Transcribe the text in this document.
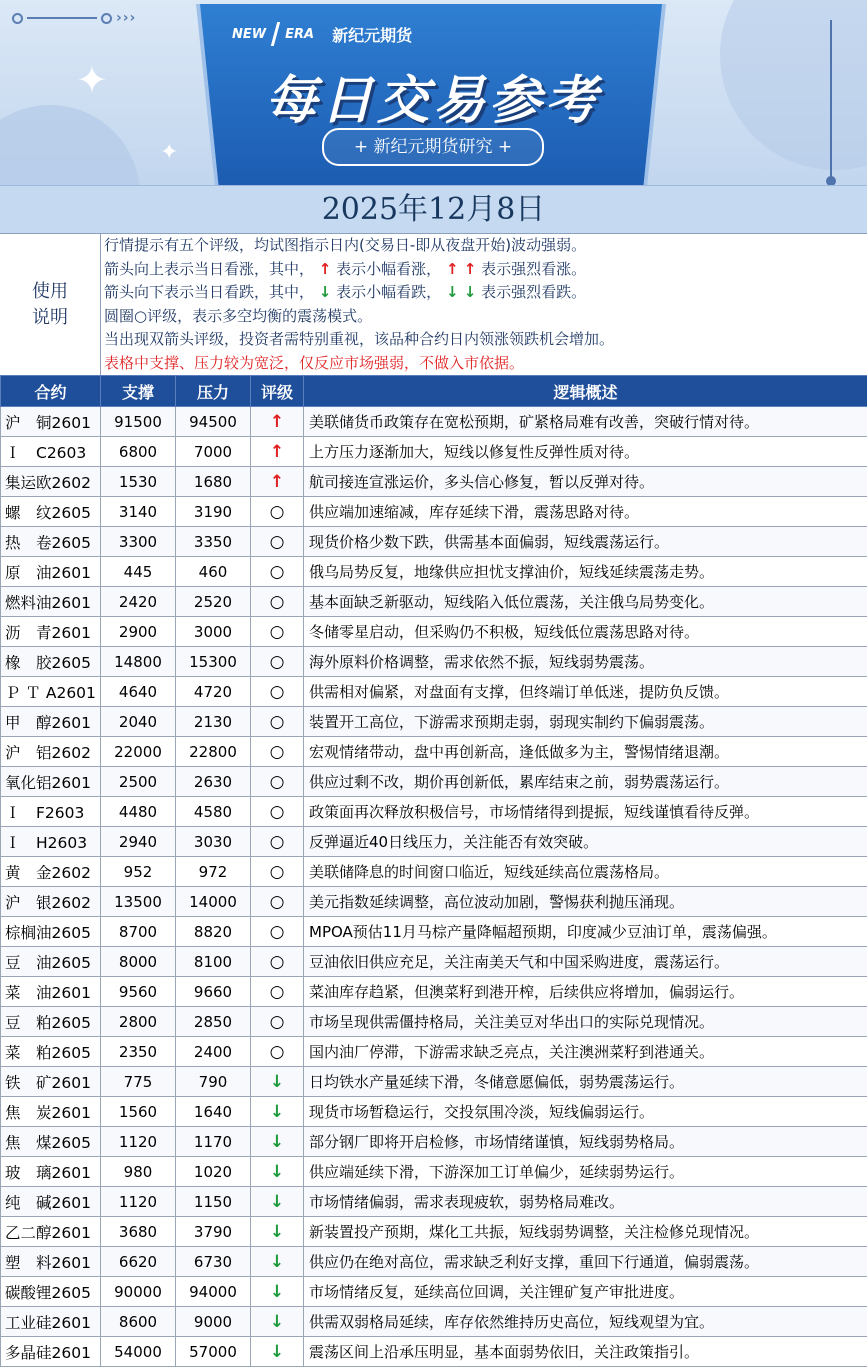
›››
✦
✦
NEW ERA 新纪元期货
每日交易参考
+ 新纪元期货研究 +
2025年12月8日
使用
说明
行情提示有五个评级，均试图指示日内(交易日-即从夜盘开始)波动强弱。
箭头向上表示当日看涨，其中， ↑ 表示小幅看涨， ↑ ↑ 表示强烈看涨。
箭头向下表示当日看跌，其中， ↓ 表示小幅看跌， ↓ ↓ 表示强烈看跌。
圆圈○评级，表示多空均衡的震荡模式。
当出现双箭头评级，投资者需特别重视，该品种合约日内领涨领跌机会增加。
表格中支撑、压力较为宽泛，仅反应市场强弱，不做入市依据。
合约	支撑	压力	评级	逻辑概述
沪　铜2601	91500	94500	↑	美联储货币政策存在宽松预期，矿紧格局难有改善，突破行情对待。
Ｉ　C2603	6800	7000	↑	上方压力逐渐加大，短线以修复性反弹性质对待。
集运欧2602	1530	1680	↑	航司接连宣涨运价，多头信心修复，暂以反弹对待。
螺　纹2605	3140	3190	○	供应端加速缩减，库存延续下滑，震荡思路对待。
热　卷2605	3300	3350	○	现货价格少数下跌，供需基本面偏弱，短线震荡运行。
原　油2601	445	460	○	俄乌局势反复，地缘供应担忧支撑油价，短线延续震荡走势。
燃料油2601	2420	2520	○	基本面缺乏新驱动，短线陷入低位震荡，关注俄乌局势变化。
沥　青2601	2900	3000	○	冬储零星启动，但采购仍不积极，短线低位震荡思路对待。
橡　胶2605	14800	15300	○	海外原料价格调整，需求依然不振，短线弱势震荡。
Ｐ Ｔ A2601	4640	4720	○	供需相对偏紧，对盘面有支撑，但终端订单低迷，提防负反馈。
甲　醇2601	2040	2130	○	装置开工高位，下游需求预期走弱，弱现实制约下偏弱震荡。
沪　铝2602	22000	22800	○	宏观情绪带动，盘中再创新高，逢低做多为主，警惕情绪退潮。
氧化铝2601	2500	2630	○	供应过剩不改，期价再创新低，累库结束之前，弱势震荡运行。
Ｉ　F2603	4480	4580	○	政策面再次释放积极信号，市场情绪得到提振，短线谨慎看待反弹。
Ｉ　H2603	2940	3030	○	反弹逼近40日线压力，关注能否有效突破。
黄　金2602	952	972	○	美联储降息的时间窗口临近，短线延续高位震荡格局。
沪　银2602	13500	14000	○	美元指数延续调整，高位波动加剧，警惕获利抛压涌现。
棕榈油2605	8700	8820	○	MPOA预估11月马棕产量降幅超预期，印度减少豆油订单，震荡偏强。
豆　油2605	8000	8100	○	豆油依旧供应充足，关注南美天气和中国采购进度，震荡运行。
菜　油2601	9560	9660	○	菜油库存趋紧，但澳菜籽到港开榨，后续供应将增加，偏弱运行。
豆　粕2605	2800	2850	○	市场呈现供需僵持格局，关注美豆对华出口的实际兑现情况。
菜　粕2605	2350	2400	○	国内油厂停滞，下游需求缺乏亮点，关注澳洲菜籽到港通关。
铁　矿2601	775	790	↓	日均铁水产量延续下滑，冬储意愿偏低，弱势震荡运行。
焦　炭2601	1560	1640	↓	现货市场暂稳运行，交投氛围冷淡，短线偏弱运行。
焦　煤2605	1120	1170	↓	部分钢厂即将开启检修，市场情绪谨慎，短线弱势格局。
玻　璃2601	980	1020	↓	供应端延续下滑，下游深加工订单偏少，延续弱势运行。
纯　碱2601	1120	1150	↓	市场情绪偏弱，需求表现疲软，弱势格局难改。
乙二醇2601	3680	3790	↓	新装置投产预期，煤化工共振，短线弱势调整，关注检修兑现情况。
塑　料2601	6620	6730	↓	供应仍在绝对高位，需求缺乏利好支撑，重回下行通道，偏弱震荡。
碳酸锂2605	90000	94000	↓	市场情绪反复，延续高位回调，关注锂矿复产审批进度。
工业硅2601	8600	9000	↓	供需双弱格局延续，库存依然维持历史高位，短线观望为宜。
多晶硅2601	54000	57000	↓	震荡区间上沿承压明显，基本面弱势依旧，关注政策指引。
